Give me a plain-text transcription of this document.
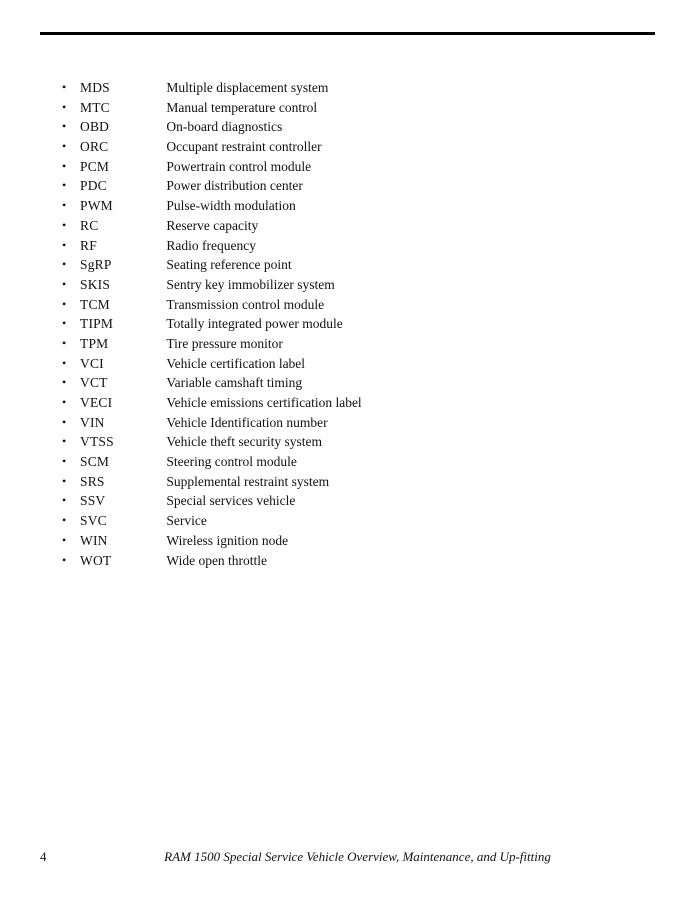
• MDS	Multiple displacement system
• MTC	Manual temperature control
• OBD	On-board diagnostics
• ORC	Occupant restraint controller
• PCM	Powertrain control module
• PDC	Power distribution center
• PWM	Pulse-width modulation
• RC	Reserve capacity
• RF	Radio frequency
• SgRP	Seating reference point
• SKIS	Sentry key immobilizer system
• TCM	Transmission control module
• TIPM	Totally integrated power module
• TPM	Tire pressure monitor
• VCI	Vehicle certification label
• VCT	Variable camshaft timing
• VECI	Vehicle emissions certification label
• VIN	Vehicle Identification number
• VTSS	Vehicle theft security system
• SCM	Steering control module
• SRS	Supplemental restraint system
• SSV	Special services vehicle
• SVC	Service
• WIN	Wireless ignition node
• WOT	Wide open throttle
4	RAM 1500 Special Service Vehicle Overview, Maintenance, and Up-fitting
